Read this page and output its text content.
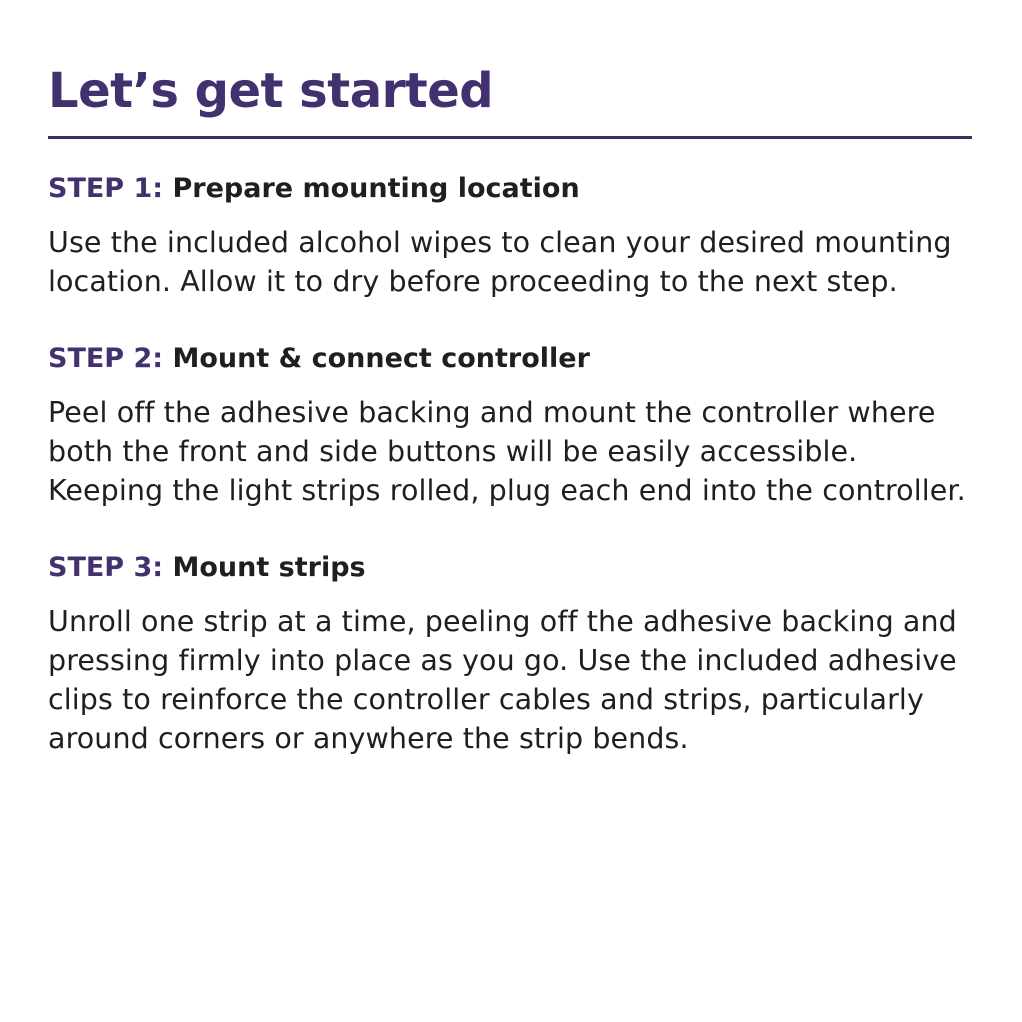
Let’s get started

STEP 1: Prepare mounting location

Use the included alcohol wipes to clean your desired mounting location. Allow it to dry before proceeding to the next step.

STEP 2: Mount & connect controller

Peel off the adhesive backing and mount the controller where both the front and side buttons will be easily accessible. Keeping the light strips rolled, plug each end into the controller.

STEP 3: Mount strips

Unroll one strip at a time, peeling off the adhesive backing and pressing firmly into place as you go. Use the included adhesive clips to reinforce the controller cables and strips, particularly around corners or anywhere the strip bends.
